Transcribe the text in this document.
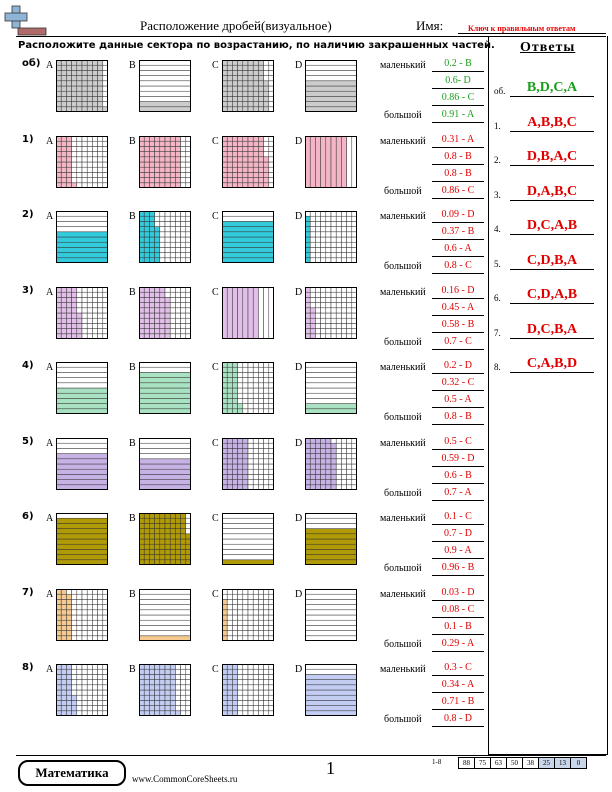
Расположение дробей(визуальное)	Имя:	Ключ к правильным ответам
Расположите данные сектора по возрастанию, по наличию закрашенных частей. Ответы
об.	B,D,C,A
1.	A,B,B,C
2.	D,B,A,C
3.	D,A,B,C
4.	D,C,A,B
5.	C,D,B,A
6.	C,D,A,B
7.	D,C,B,A
8.	C,A,B,D
об) A	B	C	D	маленький
большой
0.2 - B
0.6- D
0.86 - C
0.91 - A
1) A	B	C	D	маленький
большой
0.31 - A
0.8 - B
0.8 - B
0.86 - C
2) A	B	C	D	маленький
большой
0.09 - D
0.37 - B
0.6 - A
0.8 - C
3) A	B	C	D	маленький
большой
0.16 - D
0.45 - A
0.58 - B
0.7 - C
4) A	B	C	D	маленький
большой
0.2 - D
0.32 - C
0.5 - A
0.8 - B
5) A	B	C	D	маленький
большой
0.5 - C
0.59 - D
0.6 - B
0.7 - A
6) A	B	C	D	маленький
большой
0.1 - C
0.7 - D
0.9 - A
0.96 - B
7) A	B	C	D	маленький
большой
0.03 - D
0.08 - C
0.1 - B
0.29 - A
8) A	B	C	D	маленький
большой
0.3 - C
0.34 - A
0.71 - B
0.8 - D
Математика	www.CommonCoreSheets.ru
1	1-8	88	75	63	50	38	25	13	0
